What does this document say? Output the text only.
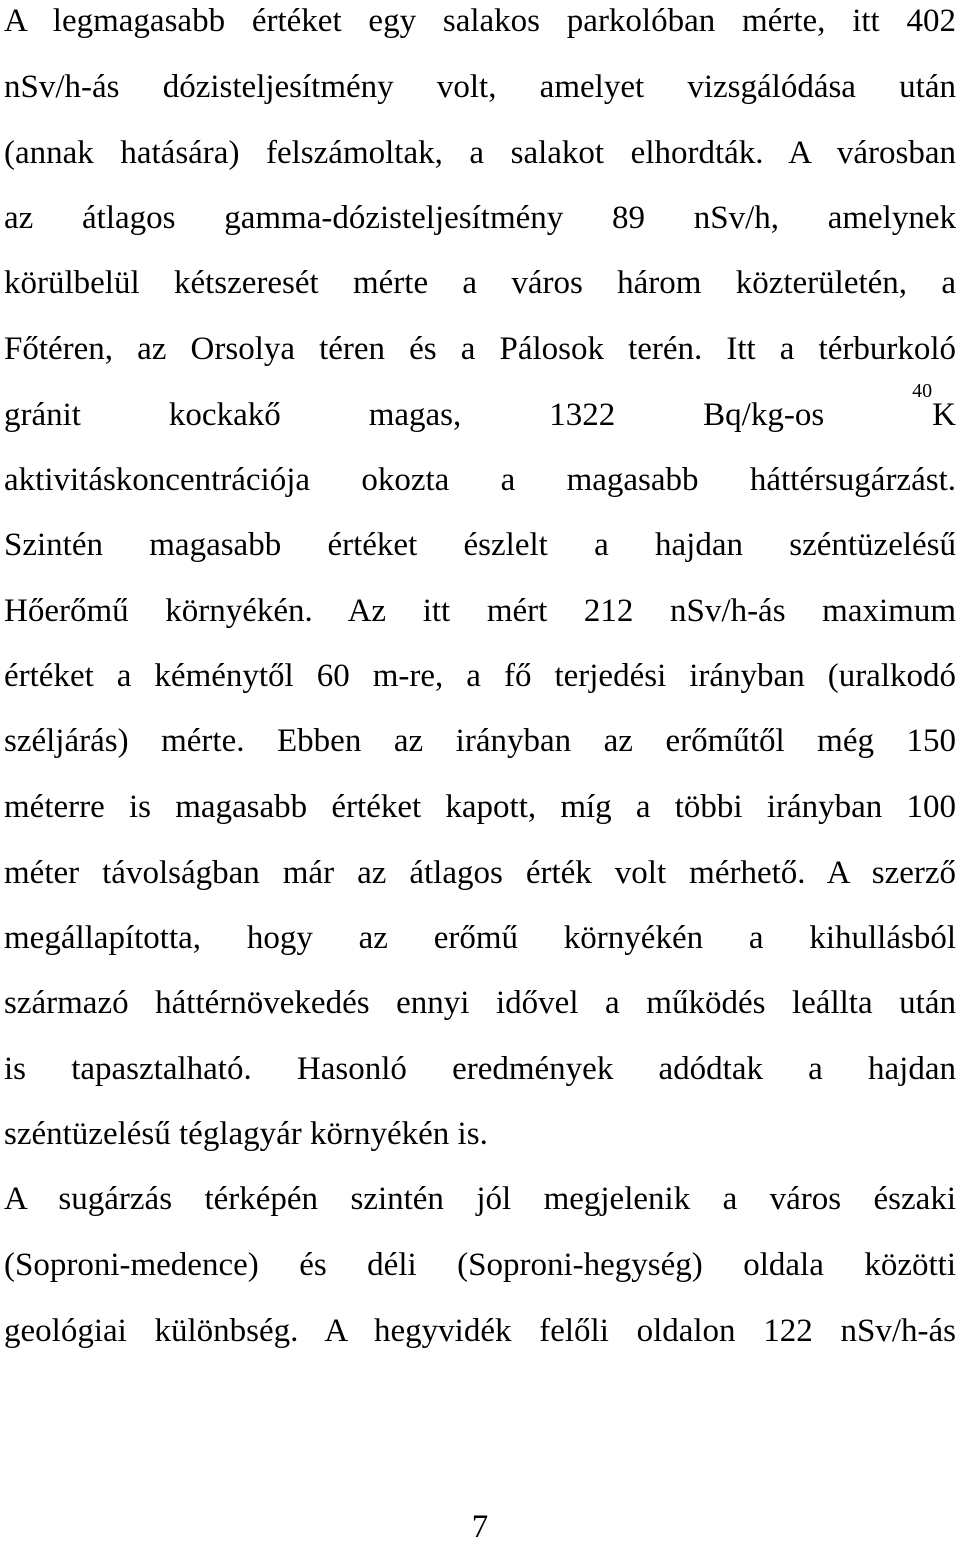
A legmagasabb értéket egy salakos parkolóban mérte, itt 402
nSv/h-ás dózisteljesítmény volt, amelyet vizsgálódása után
(annak hatására) felszámoltak, a salakot elhordták. A városban
az átlagos gamma-dózisteljesítmény 89 nSv/h, amelynek
körülbelül kétszeresét mérte a város három közterületén, a
Főtéren, az Orsolya téren és a Pálosok terén. Itt a térburkoló
gránit kockakő magas, 1322 Bq/kg-os $^{40}$K
aktivitáskoncentrációja okozta a magasabb háttérsugárzást.
Szintén magasabb értéket észlelt a hajdan széntüzelésű
Hőerőmű környékén. Az itt mért 212 nSv/h-ás maximum
értéket a kéménytől 60 m-re, a fő terjedési irányban (uralkodó
széljárás) mérte. Ebben az irányban az erőműtől még 150
méterre is magasabb értéket kapott, míg a többi irányban 100
méter távolságban már az átlagos érték volt mérhető. A szerző
megállapította, hogy az erőmű környékén a kihullásból
származó háttérnövekedés ennyi idővel a működés leállta után
is tapasztalható. Hasonló eredmények adódtak a hajdan
széntüzelésű téglagyár környékén is.
A sugárzás térképén szintén jól megjelenik a város északi
(Soproni-medence) és déli (Soproni-hegység) oldala közötti
geológiai különbség. A hegyvidék felőli oldalon 122 nSv/h-ás
7
